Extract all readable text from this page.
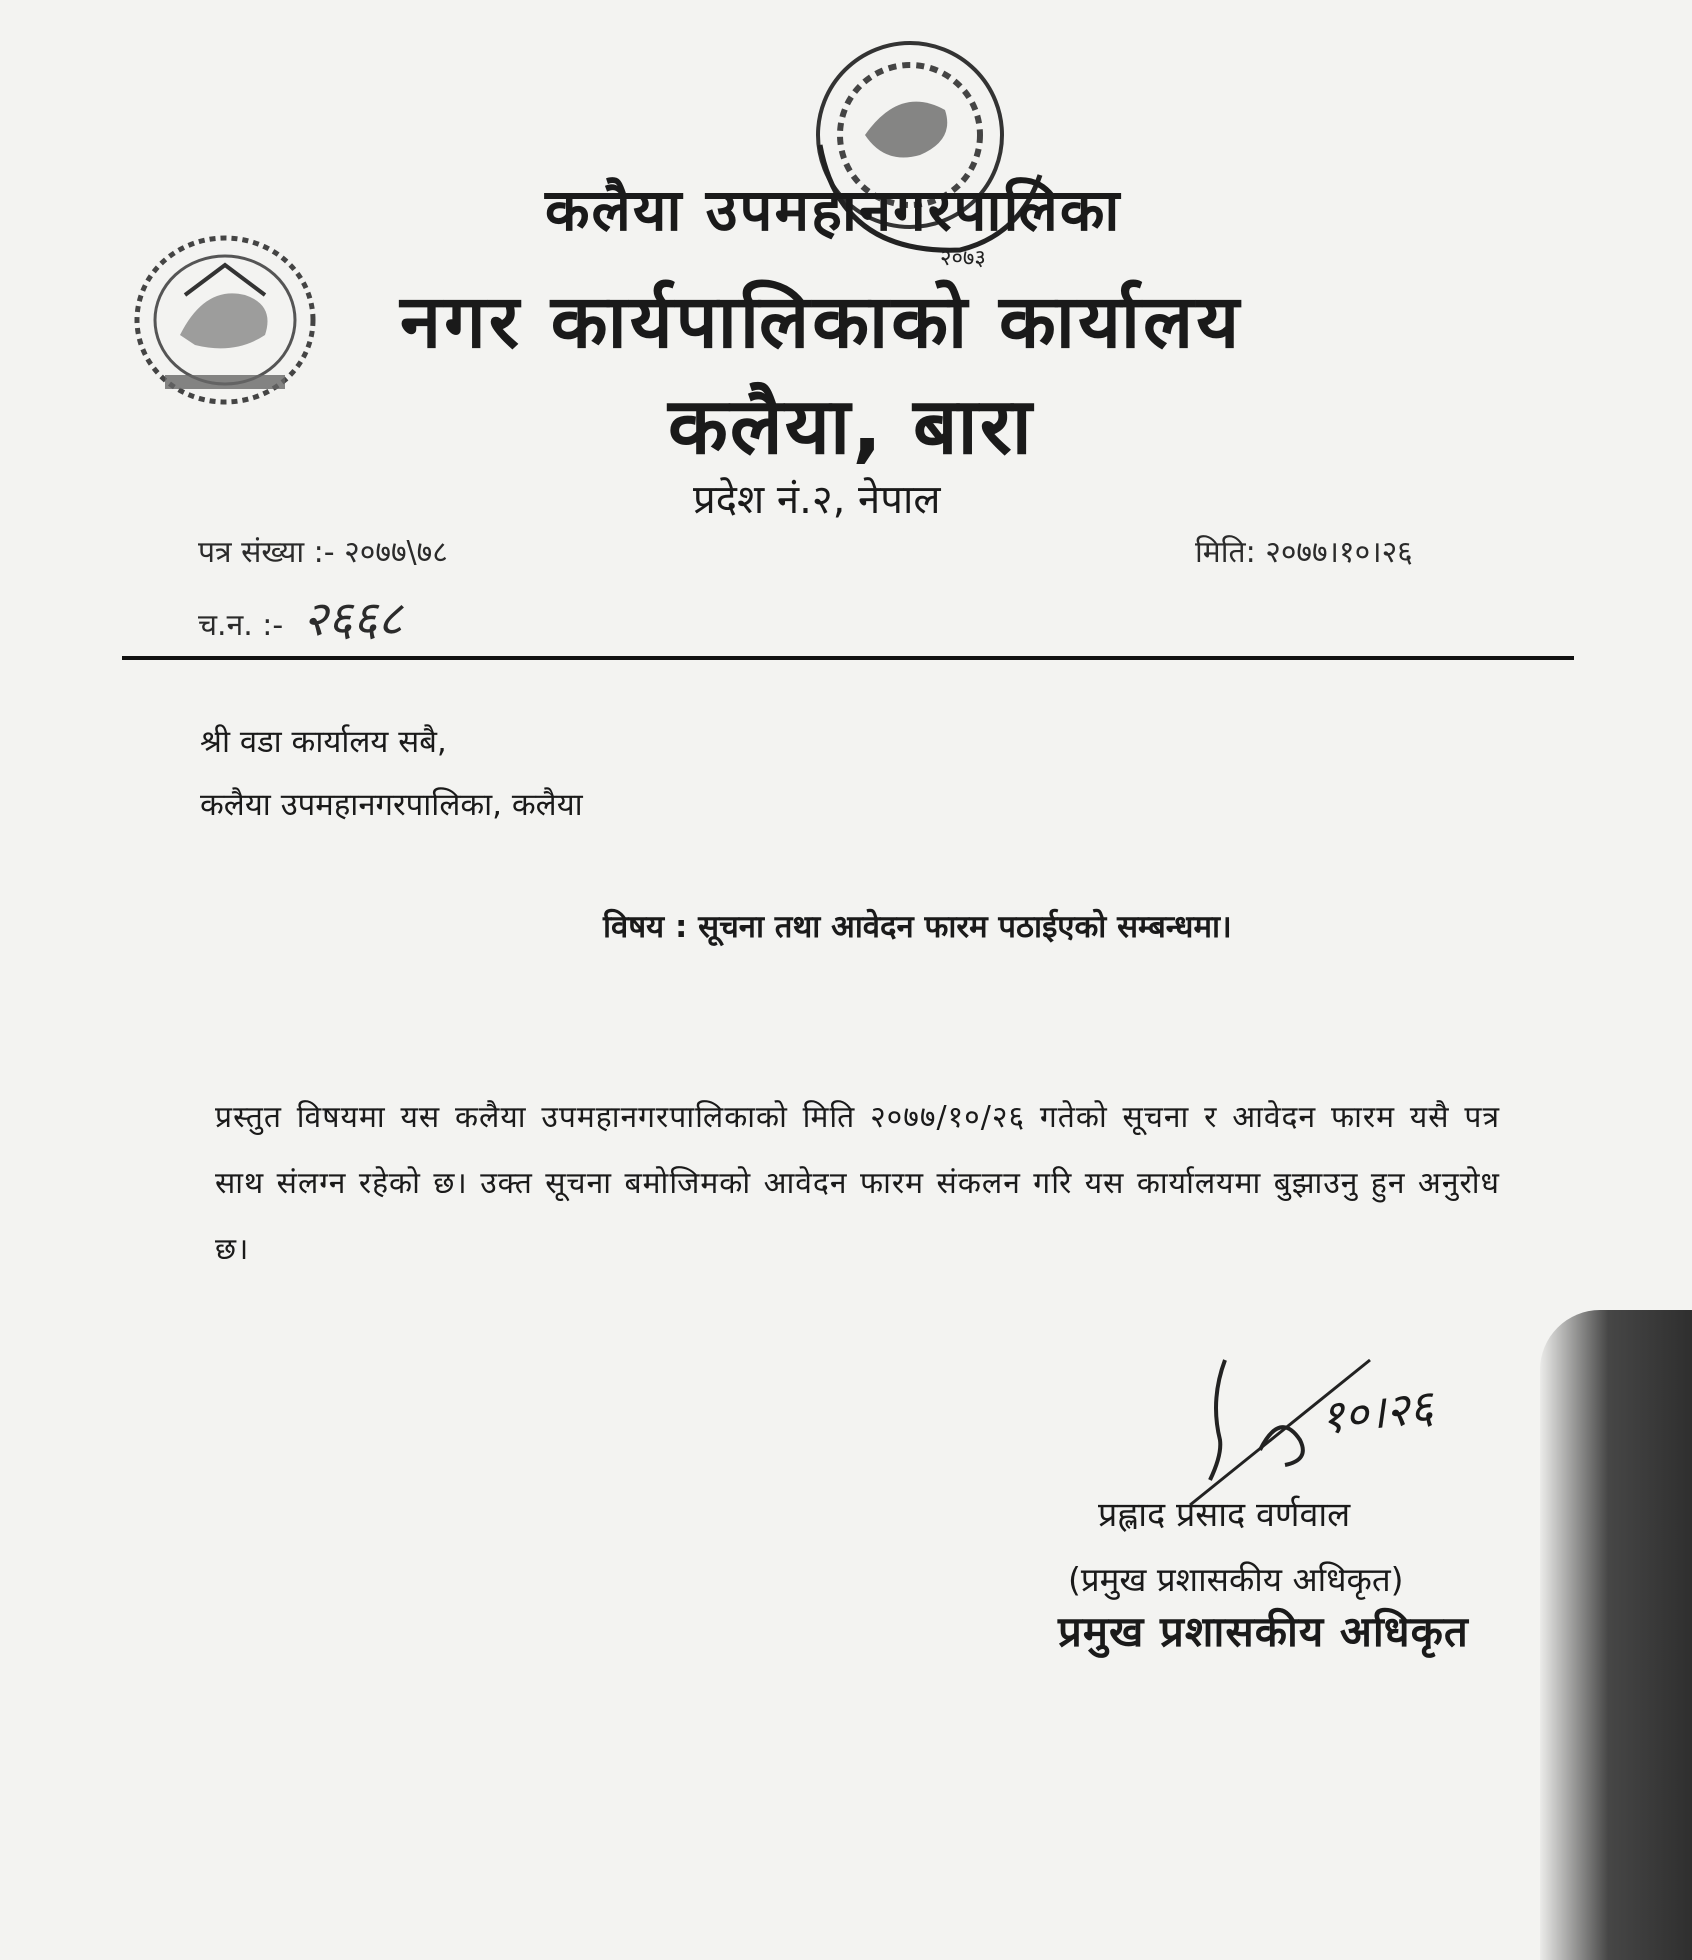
२०७३
कलैया उपमहानगरपालिका
नगर कार्यपालिकाको कार्यालय
कलैया, बारा
प्रदेश नं.२, नेपाल
पत्र संख्या :- २०७७\७८
च.न. :- २६६८
मिति: २०७७।१०।२६
श्री वडा कार्यालय सबै,
कलैया उपमहानगरपालिका, कलैया
विषय : सूचना तथा आवेदन फारम पठाईएको सम्बन्धमा।
प्रस्तुत विषयमा यस कलैया उपमहानगरपालिकाको मिति २०७७/१०/२६ गतेको सूचना र आवेदन फारम यसै पत्र साथ संलग्न रहेको छ। उक्त सूचना बमोजिमको आवेदन फारम संकलन गरि यस कार्यालयमा बुझाउनु हुन अनुरोध छ।
१०।२६
प्रह्लाद प्रसाद वर्णवाल
(प्रमुख प्रशासकीय अधिकृत)
प्रमुख प्रशासकीय अधिकृत
